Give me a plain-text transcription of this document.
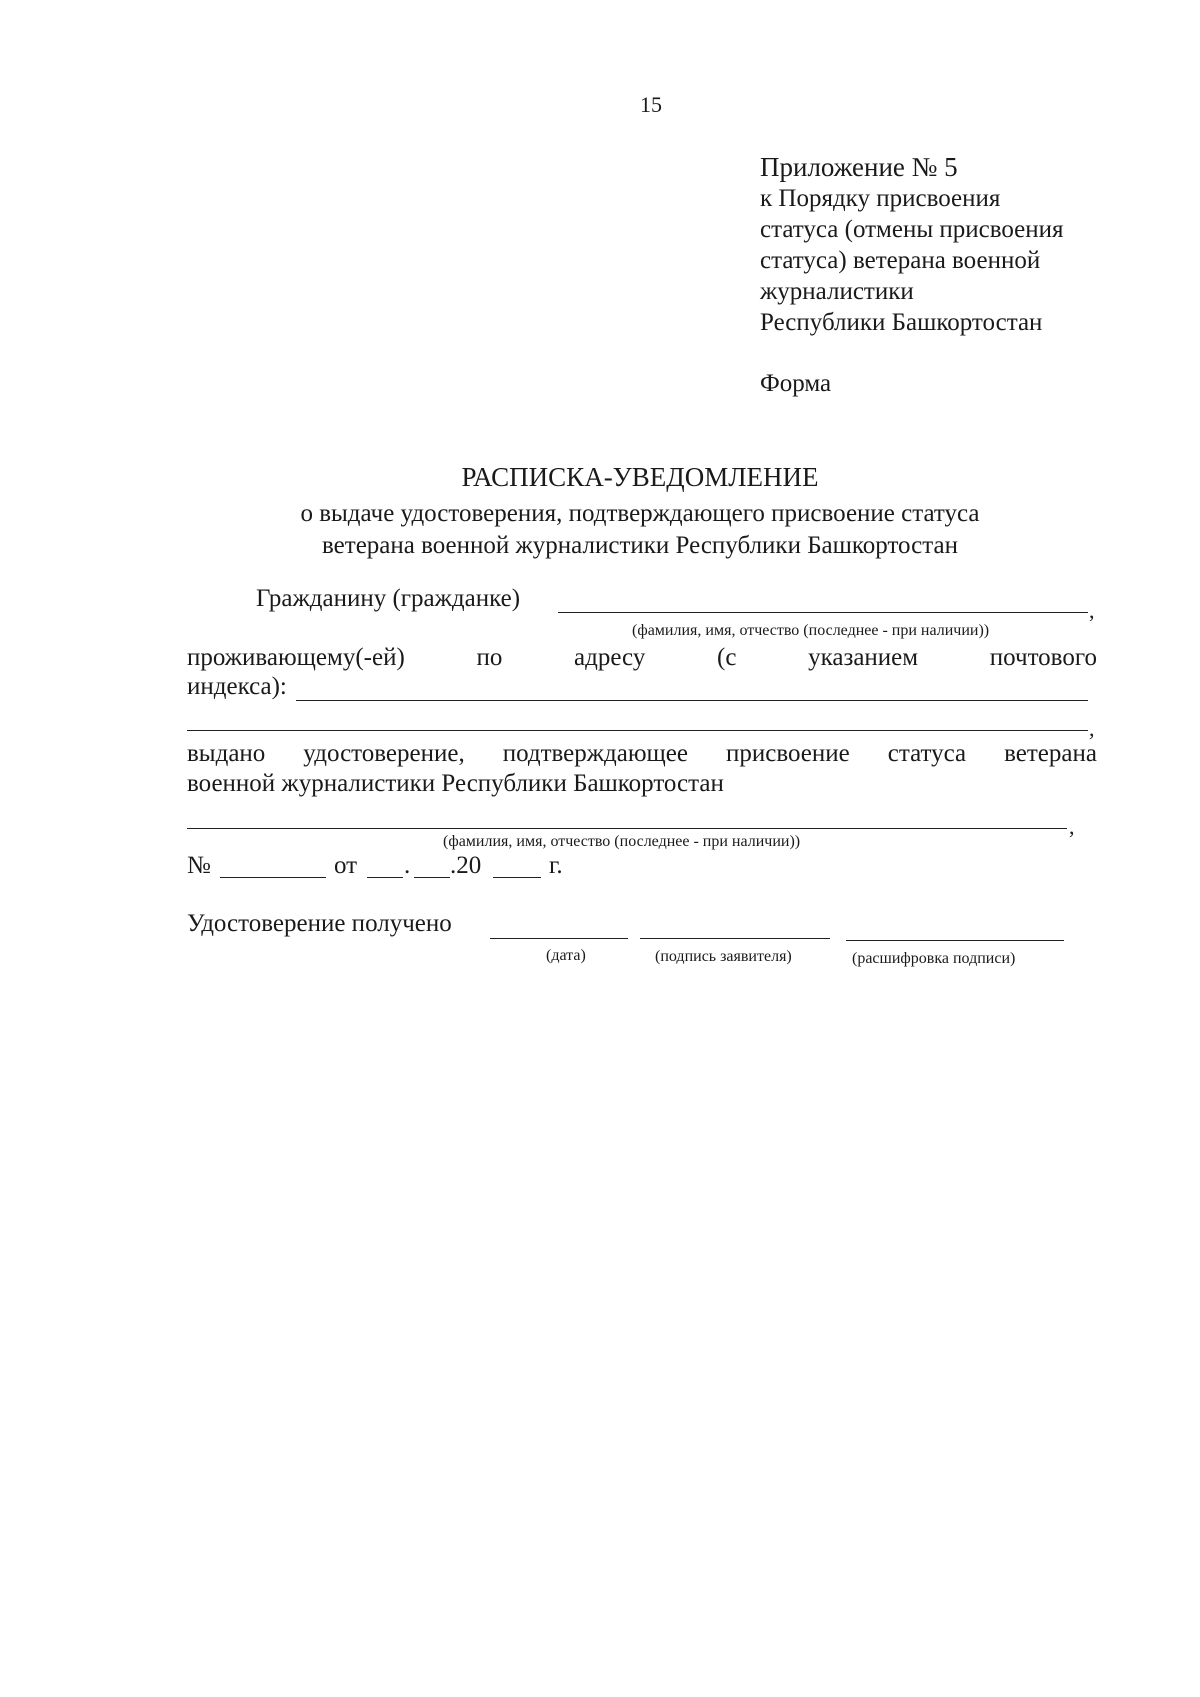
15
Приложение № 5
к Порядку присвоения
статуса (отмены присвоения
статуса) ветерана военной
журналистики
Республики Башкортостан
Форма
РАСПИСКА-УВЕДОМЛЕНИЕ
о выдаче удостоверения, подтверждающего присвоение статуса
ветерана военной журналистики Республики Башкортостан
Гражданину (гражданке)	,
(фамилия, имя, отчество (последнее - при наличии))
проживающему(-ей)	по	адресу	(с	указанием	почтового
индекса):
,
выдано удостоверение, подтверждающее присвоение статуса ветерана
военной журналистики Республики Башкортостан
,
(фамилия, имя, отчество (последнее - при наличии))
№	от . .20	г.
Удостоверение получено
(дата)	(подпись заявителя)	(расшифровка подписи)
